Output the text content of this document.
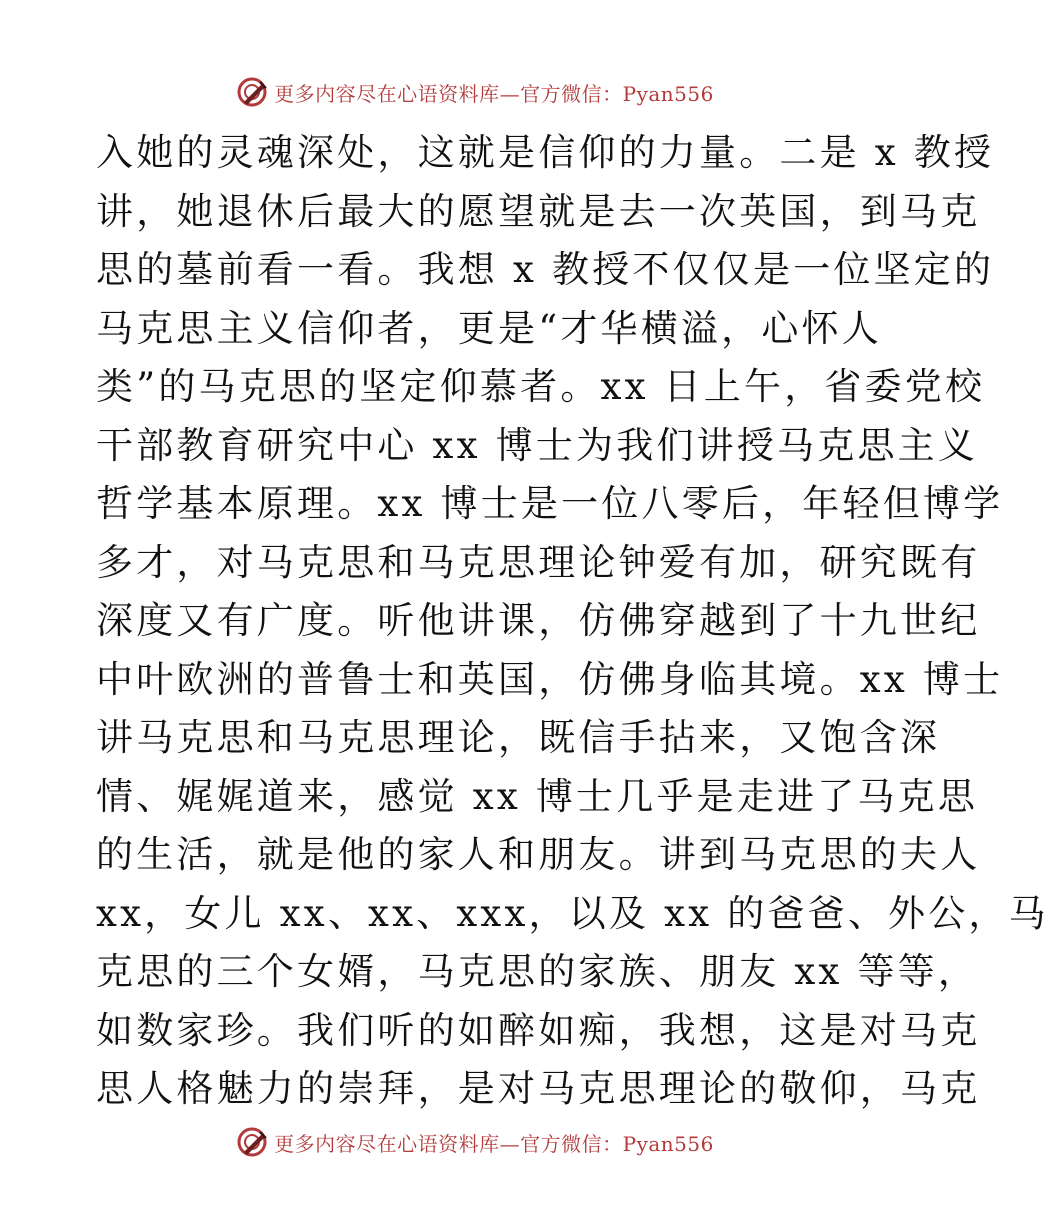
更多内容尽在心语资料库—官方微信：Pyan556
入她的灵魂深处，这就是信仰的力量。二是 x 教授
讲，她退休后最大的愿望就是去一次英国，到马克
思的墓前看一看。我想 x 教授不仅仅是一位坚定的
马克思主义信仰者，更是“才华横溢，心怀人
类”的马克思的坚定仰慕者。xx 日上午，省委党校
干部教育研究中心 xx 博士为我们讲授马克思主义
哲学基本原理。xx 博士是一位八零后，年轻但博学
多才，对马克思和马克思理论钟爱有加，研究既有
深度又有广度。听他讲课，仿佛穿越到了十九世纪
中叶欧洲的普鲁士和英国，仿佛身临其境。xx 博士
讲马克思和马克思理论，既信手拈来，又饱含深
情、娓娓道来，感觉 xx 博士几乎是走进了马克思
的生活，就是他的家人和朋友。讲到马克思的夫人
xx，女儿 xx、xx、xxx，以及 xx 的爸爸、外公，马
克思的三个女婿，马克思的家族、朋友 xx 等等，
如数家珍。我们听的如醉如痴，我想，这是对马克
思人格魅力的崇拜，是对马克思理论的敬仰，马克
更多内容尽在心语资料库—官方微信：Pyan556
